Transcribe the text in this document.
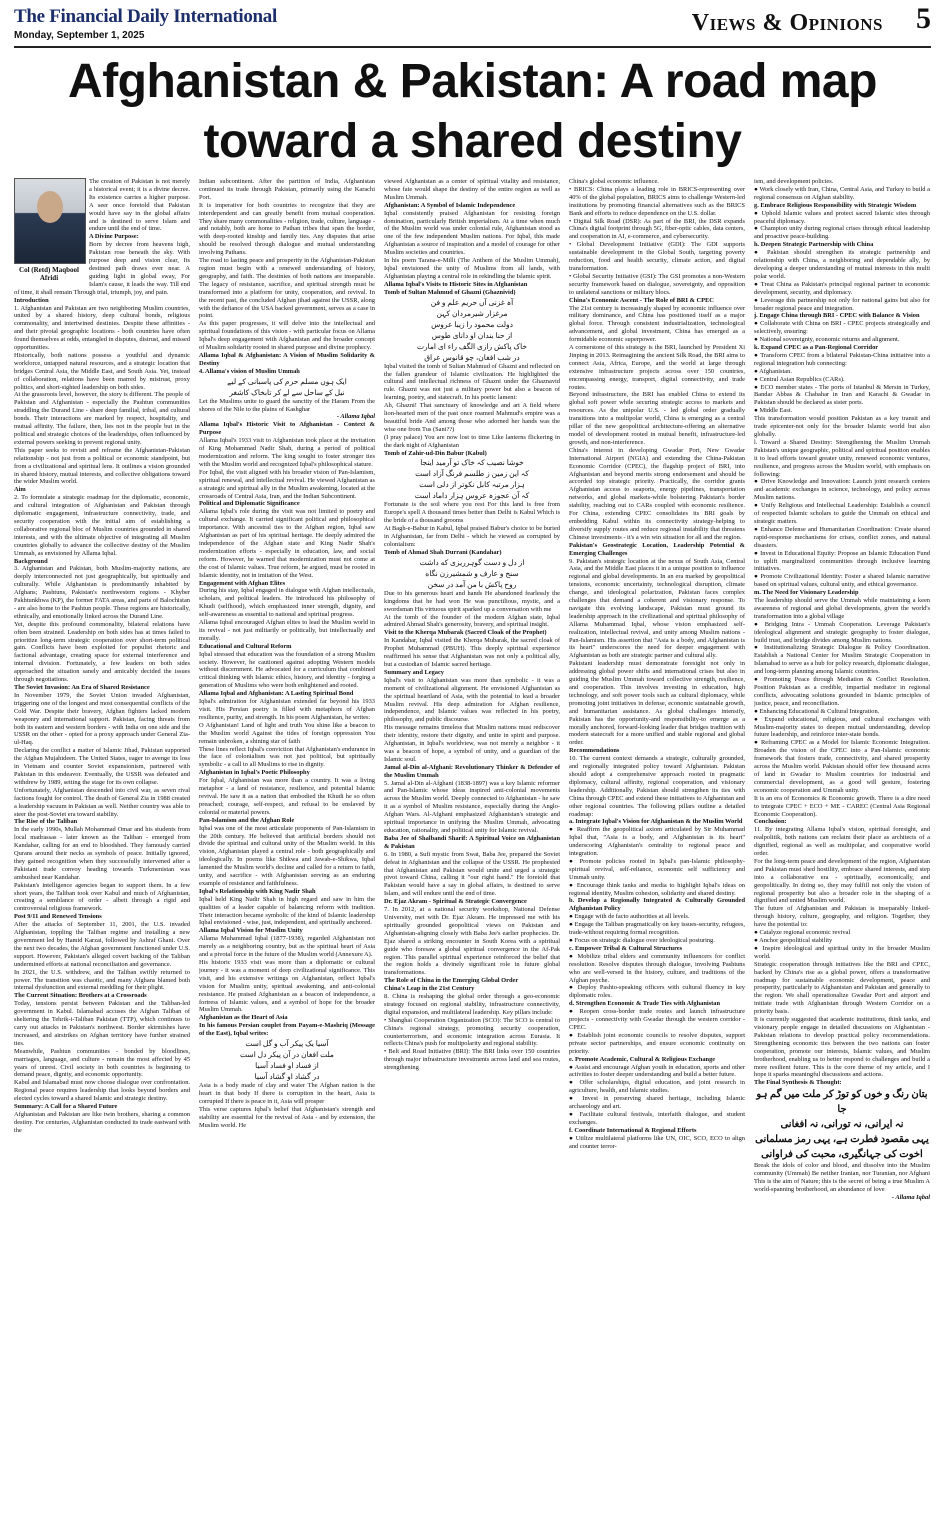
The Financial Daily International
Monday, September 1, 2025	Views & Opinions 5
Afghanistan & Pakistan: A road map toward a shared destiny
Col (Retd) Maqbool Afridi

The creation of Pakistan is not merely a historical event; it is a divine decree. Its existence carries a higher purpose. A seer once foretold that Pakistan would have say in the global affairs and is destined to serve Islam and endure until the end of time.

A Divine Purpose:

Born by decree from heavens high, Pakistan rose beneath the sky. With purpose deep and vision clear, Its destined path draws ever near. A guiding light in global sway, For Islam's cause, it leads the way. Till end of time, it shall remain Through trial, triumph, joy, and pain.

Introduction

1. Afghanistan and Pakistan are two neighboring Muslim countries, united by a shared history, deep cultural bonds, religious commonality, and intertwined destinies. Despite these affinities - and their pivotal geographic locations - both countries have often found themselves at odds, entangled in disputes, distrust, and missed opportunities.

Historically, both nations possess a youthful and dynamic workforce, untapped natural resources, and a strategic location that bridges Central Asia, the Middle East, and South Asia. Yet, instead of collaboration, relations have been marred by mistrust, proxy politics, and short-sighted leadership on both sides.

At the grassroots level, however, the story is different. The people of Pakistan and Afghanistan - especially the Pashtun communities straddling the Durand Line - share deep familial, tribal, and cultural bonds. Their interactions are marked by respect, hospitality, and mutual affinity. The failure, then, lies not in the people but in the political and strategic choices of the leaderships, often influenced by external powers seeking to prevent regional unity.

This paper seeks to revisit and reframe the Afghanistan-Pakistan relationship - not just from a political or economic standpoint, but from a civilizational and spiritual lens. It outlines a vision grounded in shared history, mutual interests, and collective obligations toward the wider Muslim world.

Aim

2. To formulate a strategic roadmap for the diplomatic, economic, and cultural integration of Afghanistan and Pakistan through diplomatic engagement, infrastructure connectivity, trade, and security cooperation with the initial aim of establishing a collaborative regional bloc of Muslim countries grounded in shared interests, and with the ultimate objective of integrating all Muslim countries globally to advance the collective destiny of the Muslim Ummah, as envisioned by Allama Iqbal.

Background

3. Afghanistan and Pakistan, both Muslim-majority nations, are deeply interconnected not just geographically, but spiritually and culturally. While Afghanistan is predominantly inhabited by Afghans; Pashtuns, Pakistan's northwestern regions - Khyber Pakhtunkhwa (KP), the former FATA areas, and parts of Balochistan - are also home to the Pashtun people. These regions are historically, ethnically, and emotionally linked across the Durand Line.

Yet, despite this profound commonality, bilateral relations have often been strained. Leadership on both sides has at times failed to prioritize long-term strategic cooperation over short-term political gain. Conflicts have been exploited for populist rhetoric and factional advantage, creating space for external interference and internal division. Fortunately, a few leaders on both sides approached the situation sanely and amicably decided the issues through negotiations.

The Soviet Invasion: An Era of Shared Resistance

In November 1979, the Soviet Union invaded Afghanistan, triggering one of the longest and most consequential conflicts of the Cold War. Despite their bravery, Afghan fighters lacked modern weaponry and international support. Pakistan, facing threats from both its eastern and western borders - with India on one side and the USSR on the other - opted for a proxy approach under General Zia-ul-Haq.

Declaring the conflict a matter of Islamic Jihad, Pakistan supported the Afghan Mujahideen. The United States, eager to avenge its loss in Vietnam and counter Soviet expansionism, partnered with Pakistan in this endeavor. Eventually, the USSR was defeated and withdrew by 1989, setting the stage for its own collapse.

Unfortunately, Afghanistan descended into civil war, as seven rival factions fought for control. The death of General Zia in 1988 created a leadership vacuum in Pakistan as well. Neither country was able to steer the post-Soviet era toward stability.

The Rise of the Taliban

In the early 1990s, Mullah Mohammad Omar and his students from local madrassas - later known as the Taliban - emerged from Kandahar, calling for an end to bloodshed. They famously carried Qurans around their necks as symbols of peace. Initially ignored, they gained recognition when they successfully intervened after a Pakistani trade convoy heading towards Turkmenistan was ambushed near Kandahar.

Pakistan's intelligence agencies began to support them. In a few short years, the Taliban took over Kabul and much of Afghanistan, creating a semblance of order - albeit through a rigid and controversial religious framework.

Post 9/11 and Renewed Tensions

After the attacks of September 11, 2001, the U.S. invaded Afghanistan, toppling the Taliban regime and installing a new government led by Hamid Karzai, followed by Ashraf Ghani. Over the next two decades, the Afghan government functioned under U.S. support. However, Pakistan's alleged covert backing of the Taliban undermined efforts at national reconciliation and governance.

In 2021, the U.S. withdrew, and the Taliban swiftly returned to power. The transition was chaotic, and many Afghans blamed both internal dysfunction and external meddling for their plight.

The Current Situation: Brothers at a Crossroads

Today, tensions persist between Pakistan and the Taliban-led government in Kabul. Islamabad accuses the Afghan Taliban of sheltering the Tehrik-i-Taliban Pakistan (TTP), which continues to carry out attacks in Pakistan's northwest. Border skirmishes have increased, and airstrikes on Afghan territory have further strained ties.

Meanwhile, Pashtun communities - bonded by bloodlines, marriages, language, and culture - remain the most affected by 45 years of unrest. Civil society in both countries is beginning to demand peace, dignity, and economic opportunity.

Kabul and Islamabad must now choose dialogue over confrontation. Regional peace requires leadership that looks beyond borders and elected cycles toward a shared Islamic and strategic destiny.

Summary: A Call for a Shared Future

Afghanistan and Pakistan are like twin brothers, sharing a common destiny. For centuries, Afghanistan conducted its trade eastward with the

Indian subcontinent. After the partition of India, Afghanistan continued its trade through Pakistan, primarily using the Karachi Port.

It is imperative for both countries to recognize that they are interdependent and can greatly benefit from mutual cooperation. They share many commonalities - religion, trade, culture, language - and notably, both are home to Pathan tribes that span the border, with deep-rooted kinship and family ties. Any disputes that arise should be resolved through dialogue and mutual understanding involving Pathans.

The road to lasting peace and prosperity in the Afghanistan-Pakistan region must begin with a renewed understanding of history, geography, and faith. The destinies of both nations are inseparable. The legacy of resistance, sacrifice, and spiritual strength must be transformed into a platform for unity, cooperation, and revival. In the recent past, the concluded Afghan jihad against the USSR, along with the defiance of the USA backed government, serves as a case in point.

As this paper progresses, it will delve into the intellectual and spiritual foundations of this vision - with particular focus on Allama Iqbal's deep engagement with Afghanistan and the broader concept of Muslim solidarity rooted in shared purpose and divine prophecy.

Allama Iqbal & Afghanistan: A Vision of Muslim Solidarity & Destiny

4. Allama's vision of Muslim Ummah

ایک ہوں مسلم حرم کی پاسبانی کے لیے

نیل کے ساحل سے لے کر تابخاک کاشغر

Let the Muslims unite to guard the sanctity of the Haram From the shores of the Nile to the plains of Kashghar

- Allama Iqbal

Allama Iqbal's Historic Visit to Afghanistan - Context & Purpose

Allama Iqbal's 1933 visit to Afghanistan took place at the invitation of King Mohammad Nadir Shah, during a period of political modernization and reform. The king sought to foster stronger ties with the Muslim world and recognized Iqbal's philosophical stature.

For Iqbal, the visit aligned with his broader vision of Pan-Islamism, spiritual renewal, and intellectual revival. He viewed Afghanistan as a strategic and spiritual ally in the Muslim awakening, located at the crossroads of Central Asia, Iran, and the Indian Subcontinent.

Political and Diplomatic Significance

Allama Iqbal's role during the visit was not limited to poetry and cultural exchange. It carried significant political and philosophical importance. With ancestral ties to the Afghan region, Iqbal saw Afghanistan as part of his spiritual heritage. He deeply admired the independence of the Afghan state and King Nadir Shah's modernization efforts - especially in education, law, and social reform. However, he warned that modernization must not come at the cost of Islamic values. True reform, he argued, must be rooted in Islamic identity, not in imitation of the West.

Engagement with Afghan Elites

During his stay, Iqbal engaged in dialogue with Afghan intellectuals, scholars, and political leaders. He introduced his philosophy of Khudi (selfhood), which emphasized inner strength, dignity, and self-awareness as essential to national and spiritual progress.

Allama Iqbal encouraged Afghan elites to lead the Muslim world in its revival - not just militarily or politically, but intellectually and morally.

Educational and Cultural Reform

Iqbal stressed that education was the foundation of a strong Muslim society. However, he cautioned against adopting Western models without discernment. He advocated for a curriculum that combined critical thinking with Islamic ethics, history, and identity - forging a generation of Muslims who were both enlightened and rooted.

Allama Iqbal and Afghanistan: A Lasting Spiritual Bond

Iqbal's admiration for Afghanistan extended far beyond his 1933 visit. His Persian poetry is filled with metaphors of Afghan resilience, purity, and strength. In his poem Afghanistan, he writes:

O Afghanistan! Land of light and truth You shine like a beacon to the Muslim world Against the tides of foreign oppression You remain unbroken, a shining star of faith

These lines reflect Iqbal's conviction that Afghanistan's endurance in the face of colonialism was not just political, but spiritually symbolic - a call to all Muslims to rise in dignity.

Afghanistan in Iqbal's Poetic Philosophy

For Iqbal, Afghanistan was more than a country. It was a living metaphor - a land of resistance, resilience, and potential Islamic revival. He saw it as a nation that embodied the Khudi he so often preached; courage, self-respect, and refusal to be enslaved by colonial or material powers.

Pan-Islamism and the Afghan Role

Iqbal was one of the most articulate proponents of Pan-Islamism in the 20th century. He believed that artificial borders should not divide the spiritual and cultural unity of the Muslim world. In this vision, Afghanistan played a central role - both geographically and ideologically. In poems like Shikwa and Jawab-e-Shikwa, Iqbal lamented the Muslim world's decline and called for a return to faith, unity, and sacrifice - with Afghanistan serving as an enduring example of resistance and faithfulness.

Iqbal's Relationship with King Nadir Shah

Iqbal held King Nadir Shah in high regard and saw in him the qualities of a leader capable of balancing reform with tradition. Their interaction became symbolic of the kind of Islamic leadership Iqbal envisioned - wise, just, independent, and spiritually anchored.

Allama Iqbal Vision for Muslim Unity

Allama Muhammad Iqbal (1877-1938), regarded Afghanistan not merely as a neighboring country, but as the spiritual heart of Asia and a pivotal force in the future of the Muslim world (Annexure A).

His historic 1933 visit was more than a diplomatic or cultural journey - it was a moment of deep civilizational significance. This visit, and his extensive writings on Afghanistan, reflect Iqbal's vision for Muslim unity, spiritual awakening, and anti-colonial resistance. He praised Afghanistan as a beacon of independence, a fortress of Islamic values, and a symbol of hope for the broader Muslim Ummah.

Afghanistan as the Heart of Asia

In his famous Persian couplet from Payam-e-Mashriq (Message of the East), Iqbal writes:

آسیا یک پیکر آب و گل است

ملت افغان در آن پیکر دل است

از فساد او فساد آسیا

در گشاد او گشاد آسیا

Asia is a body made of clay and water The Afghan nation is the heart in that body If there is corruption in the heart, Asia is corrupted If there is peace in it, Asia will prosper

This verse captures Iqbal's belief that Afghanistan's strength and stability are essential for the revival of Asia - and by extension, the Muslim world. He

viewed Afghanistan as a center of spiritual vitality and resistance, whose fate would shape the destiny of the entire region as well as Muslim Ummah.

Afghanistan: A Symbol of Islamic Independence

Iqbal consistently praised Afghanistan for resisting foreign domination, particularly British imperialism. At a time when much of the Muslim world was under colonial rule, Afghanistan stood as one of the few independent Muslim nations. For Iqbal, this made Afghanistan a source of inspiration and a model of courage for other Muslim societies and countries.

In his poem Tarana-e-Milli (The Anthem of the Muslim Ummah), Iqbal envisioned the unity of Muslims from all lands, with Afghanistan playing a central role in rekindling the Islamic spirit.

Allama Iqbal's Visits to Historic Sites in Afghanistan

Tomb of Sultan Mahmud of Ghazni (Ghaznivid)

آہ غزنی آں حریم علم و فن

مرغزار شیرمردان کہن

دولت محمود را زیبا عروس

از حنا بندان او دانای طوس

خاک پاکش رازی الگف راء ای امارت

در شب افغان، چو قانوس عراق

Iqbal visited the tomb of Sultan Mahmud of Ghazni and reflected on the fallen grandeur of Islamic civilization. He highlighted the cultural and intellectual richness of Ghazni under the Ghaznavid rule. Ghazni was not just a military power but also a beacon of learning, poetry, and statecraft. In his poetic lament:

Ah, Ghazni! That sanctuary of knowledge and art A field where lion-hearted men of the past once roamed Mahmud's empire was a beautiful bride And among those who adorned her hands was the wise one from Tus (Sani??)

(I pray palace) You are now lost to time Like lanterns flickering in the dark night of Afghanistan

Tomb of Zahir-ud-Din Babur (Kabul)

خوشا نصیب کہ خاک تو آرمید اینجا

کہ این زمین ز طلسم فرنگ آزاد است

ہزار مرتبہ کابل نکوتر از دلی است

کہ آن عجوزہ عروس ہزار داماد است

Fortunate is the soil where you rest For this land is free from Europe's spell A thousand times better than Delhi is Kabul Which is the bride of a thousand grooms

At Bagh-e-Babur in Kabul, Iqbal praised Babur's choice to be buried in Afghanistan, far from Delhi - which he viewed as corrupted by colonialism:

Tomb of Ahmad Shah Durrani (Kandahar)

از دل و دست گوہرریزی که داشت

سنج و عارف و شمشیرزن نگاه

روح پاکش با من آمد در سخن

Due to his generous heart and hands He abandoned fearlessly the kingdoms that he had won He was punctilious, mystic, and a swordsman His virtuous spirit sparked up a conversation with me

At the tomb of the founder of the modern Afghan state, Iqbal admired Ahmad Shah's generosity, bravery, and spiritual insight.

Visit to the Kherqa Mubarak (Sacred Cloak of the Prophet)

In Kandahar, Iqbal visited the Kherqa Mubarak, the sacred cloak of Prophet Muhammad (PBUH). This deeply spiritual experience reaffirmed his sense that Afghanistan was not only a political ally, but a custodian of Islamic sacred heritage.

Summary and Legacy

Iqbal's visit to Afghanistan was more than symbolic - it was a moment of civilizational alignment. He envisioned Afghanistan as the spiritual heartland of Asia, with the potential to lead a broader Muslim revival. His deep admiration for Afghan resilience, independence, and Islamic values was reflected in his poetry, philosophy, and public discourse.

His message remains timeless that Muslim nations must rediscover their identity, restore their dignity, and unite in spirit and purpose. Afghanistan, in Iqbal's worldview, was not merely a neighbor - it was a beacon of hope, a symbol of unity, and a guardian of the Islamic soul.

Jamal al-Din al-Afghani: Revolutionary Thinker & Defender of the Muslim Ummah

5. Jamal al-Din al-Afghani (1838-1897) was a key Islamic reformer and Pan-Islamic whose ideas inspired anti-colonial movements across the Muslim world. Deeply connected to Afghanistan - he saw it as a symbol of Muslim resistance, especially during the Anglo-Afghan Wars. Al-Afghani emphasized Afghanistan's strategic and spiritual importance in unifying the Muslim Ummah, advocating education, rationality, and political unity for Islamic revival.

Baba Jee of Shalbandi Sharif: A Spiritual Voice on Afghanistan & Pakistan

6. In 1980, a Sufi mystic from Swat, Baba Jee, prepared the Soviet defeat in Afghanistan and the collapse of the USSR. He prophesied that Afghanistan and Pakistan would unite and urged a strategic pivot toward China, calling it "our right hand." He foretold that Pakistan would have a say in global affairs, is destined to serve Islam, and will endure until the end of time.

Dr. Ejaz Akram - Spiritual & Strategic Convergence

7. In 2012, at a national security workshop, National Defense University, met with Dr. Ejaz Akram. He impressed me with his spiritually grounded geopolitical views on Pakistan and Afghanistan-aligning closely with Baba Jee's earlier prophecies. Dr. Ejaz shared a striking encounter in South Korea with a spiritual guide who foresaw a global spiritual convergence in the Af-Pak region. This parallel spiritual experience reinforced the belief that the region holds a divinely significant role in future global transformations.

The Role of China in the Emerging Global Order

China's Leap in the 21st Century

8. China is reshaping the global order through a geo-economic strategy focused on regional stability, infrastructure connectivity, digital expansion, and multilateral leadership. Key pillars include:

• Shanghai Cooperation Organization (SCO): The SCO is central to China's regional strategy, promoting security cooperation, counterterrorism, and economic integration across Eurasia. It reflects China's push for multipolarity and regional stability.

• Belt and Road Initiative (BRI): The BRI links over 150 countries through major infrastructure investments across land and sea routes, strengthening

China's global economic influence.

• BRICS: China plays a leading role in BRICS-representing over 40% of the global population, BRICS aims to challenge Western-led institutions by promoting financial alternatives such as the BRICS Bank and efforts to reduce dependence on the U.S. dollar.

• Digital Silk Road (DSR): As part of the BRI, the DSR expands China's digital footprint through 5G, fiber-optic cables, data centers, and cooperation in AI, e-commerce, and cybersecurity.

• Global Development Initiative (GDI): The GDI supports sustainable development in the Global South, targeting poverty reduction, food and health security, climate action, and digital transformation.

• Global Security Initiative (GSI): The GSI promotes a non-Western security framework based on dialogue, sovereignty, and opposition to unilateral sanctions or military blocs.

China's Economic Ascent - The Role of BRI & CPEC

The 21st century is increasingly shaped by economic influence over military dominance, and China has positioned itself as a major global force. Through consistent industrialization, technological advancement, and global investment, China has emerged as a formidable economic superpower.

A cornerstone of this strategy is the BRI, launched by President Xi Jinping in 2013. Reimagining the ancient Silk Road, the BRI aims to connect Asia, Africa, Europe, and the world at large through extensive infrastructure projects across over 150 countries, encompassing energy, transport, digital connectivity, and trade routes.

Beyond infrastructure, the BRI has enabled China to extend its global soft power while securing strategic access to markets and resources. As the unipolar U.S. - led global order gradually transitions into a multipolar world, China is emerging as a central pillar of the new geopolitical architecture-offering an alternative model of development rooted in mutual benefit, infrastructure-led growth, and non-interference.

China's interest in developing Gwadar Port, New Gwadar International Airport (NGIA) and extending the China-Pakistan Economic Corridor (CPEC), the flagship project of BRI, into Afghanistan and beyond merits strong endorsement and should be accorded top strategic priority. Practically, the corridor grants Afghanistan access to seaports, energy pipelines, transportation networks, and global markets-while bolstering Pakistan's border stability, reaching out to CARs coupled with economic resilience. For China, extending CPEC consolidates its BRI goals by embedding Kabul within its connectivity strategy-helping to diversify supply routes and reduce regional instability that threatens Chinese investments - it's a win win situation for all and the region.

Pakistan's Geostrategic Location, Leadership Potential & Emerging Challenges

9. Pakistan's strategic location at the nexus of South Asia, Central Asia, and the Middle East places it in a unique position to influence regional and global developments. In an era marked by geopolitical tensions, economic uncertainty, technological disruption, climate change, and ideological polarization, Pakistan faces complex challenges that demand a coherent and visionary response. To navigate this evolving landscape, Pakistan must ground its leadership approach in the civilizational and spiritual philosophy of Allama Muhammad Iqbal, whose vision emphasized self-realization, intellectual revival, and unity among Muslim nations - Pan-Islamism. His assertion that "Asia is a body, and Afghanistan is its heart" underscores the need for deeper engagement with Afghanistan as both are strategic partner and cultural ally.

Pakistani leadership must demonstrate foresight not only in addressing global power shifts and international crises but also in guiding the Muslim Ummah toward collective strength, resilience, and cooperation. This involves investing in education, high technology, and soft power tools such as cultural diplomacy, while promoting joint initiatives in defense, economic sustainable growth, and humanitarian assistance. As global challenges intensify, Pakistan has the opportunity-and responsibility-to emerge as a morally anchored, forward-looking leader that bridges tradition with modern statecraft for a more unified and stable regional and global order.

Recommendations

10. The current context demands a strategic, culturally grounded, and regionally integrated policy toward Afghanistan. Pakistan should adopt a comprehensive approach rooted in pragmatic diplomacy, cultural affinity, regional cooperation, and visionary leadership. Additionally, Pakistan should strengthen its ties with China through CPEC and extend these initiatives to Afghanistan and other regional countries. The following pillars outline a detailed roadmap:

a. Integrate Iqbal's Vision for Afghanistan & the Muslim World

● Reaffirm the geopolitical axiom articulated by Sir Muhammad Iqbal that, "Asia is a body, and Afghanistan is its heart" underscoring Afghanistan's centrality to regional peace and integration.

● Promote policies rooted in Iqbal's pan-Islamic philosophy-spiritual revival, self-reliance, economic self sufficiency and Ummah unity.

● Encourage think tanks and media to highlight Iqbal's ideas on regional identity, Muslim cohesion, solidarity and shared destiny.

b. Develop a Regionally Integrated & Culturally Grounded Afghanistan Policy

● Engage with de facto authorities at all levels.

● Engage the Taliban pragmatically on key issues-security, refugees, trade-without requiring formal recognition.

● Focus on strategic dialogue over ideological posturing.

c. Empower Tribal & Cultural Structures

● Mobilize tribal elders and community influencers for conflict resolution. Resolve disputes through dialogue, involving Pashtuns who are well-versed in the history, culture, and traditions of the Afghan psyche.

● Deploy Pashto-speaking officers with cultural fluency in key diplomatic roles.

d. Strengthen Economic & Trade Ties with Afghanistan

● Reopen cross-border trade routes and launch infrastructure projects - connectivity with Gwadar through the western corridor - CPEC.

● Establish joint economic councils to resolve disputes, support private sector partnerships, and ensure economic continuity on priority.

e. Promote Academic, Cultural & Religious Exchange

● Assist and encourage Afghan youth in education, sports and other activities to foster deeper understanding and build a better future.

● Offer scholarships, digital education, and joint research in agriculture, health, and Islamic studies.

● Invest in preserving shared heritage, including Islamic archaeology and art.

● Facilitate cultural festivals, interfaith dialogue, and student exchanges.

f. Coordinate International & Regional Efforts

● Utilize multilateral platforms like UN, OIC, SCO, ECO to align and counter terror-

ism, and development policies.

● Work closely with Iran, China, Central Asia, and Turkey to build a regional consensus on Afghan stability.

g. Embrace Religious Responsibility with Strategic Wisdom

● Uphold Islamic values and protect sacred Islamic sites through peaceful diplomacy.

● Champion unity during regional crises through ethical leadership and proactive peace-building.

h. Deepen Strategic Partnership with China

● Pakistan should strengthen its strategic partnership and relationship with China, a neighboring and dependable ally, by developing a deeper understanding of mutual interests in this multi polar world.

● Treat China as Pakistan's principal regional partner in economic development, security, and diplomacy.

● Leverage this partnership not only for national gains but also for broader regional peace and integration.

j. Engage China through BRI - CPEC with Balance & Vision

● Collaborate with China on BRI - CPEC projects strategically and selectively, ensuring:

● National sovereignty, economic returns and alignment.

k. Expand CPEC as a Pan-Regional Corridor

● Transform CPEC from a bilateral Pakistan-China initiative into a regional integration hub connecting:

● Afghanistan.

● Central Asian Republics (CARs).

● ECO member states - The ports of Istanbul & Mersin in Turkey, Bandar Abbas & Chabahar in Iran and Karachi & Gwadar in Pakistan should be declared as sister ports.

● Middle East.

This transformation would position Pakistan as a key transit and trade epicenter-not only for the broader Islamic world but also globally.

l. Toward a Shared Destiny: Strengthening the Muslim Ummah Pakistan's unique geographic, political and spiritual position enables it to lead efforts toward greater unity, renewed economic ventures, resilience, and progress across the Muslim world, with emphasis on following:

● Drive Knowledge and Innovation: Launch joint research centers and academic exchanges in science, technology, and policy across Muslim nations.

● Unify Religious and Intellectual Leadership: Establish a council of respected Islamic scholars to guide the Ummah on ethical and strategic matters.

● Enhance Defense and Humanitarian Coordination: Create shared rapid-response mechanisms for crises, conflict zones, and natural disasters.

● Invest in Educational Equity: Propose an Islamic Education Fund to uplift marginalized communities through inclusive learning initiatives.

● Promote Civilizational Identity: Foster a shared Islamic narrative based on spiritual values, cultural unity, and ethical governance.

m. The Need for Visionary Leadership

The leadership should serve the Ummah while maintaining a keen awareness of regional and global developments, given the world's transformation into a global village

● Bridging Intra - Ummah Cooperation. Leverage Pakistan's ideological alignment and strategic geography to foster dialogue, build trust, and bridge divides among Muslim nations.

● Institutionalizing Strategic Dialogue & Policy Coordination. Establish a National Center for Muslim Strategic Cooperation in Islamabad to serve as a hub for policy research, diplomatic dialogue, and long-term planning among Islamic countries.

● Promoting Peace through Mediation & Conflict Resolution. Position Pakistan as a credible, impartial mediator in regional conflicts, advocating solutions grounded in Islamic principles of justice, peace, and reconciliation.

● Enhancing Educational & Cultural Integration.

● Expand educational, religious, and cultural exchanges with Muslim-majority states to deepen mutual understanding, develop future leadership, and reinforce inter-state bonds.

● Reframing CPEC as a Model for Islamic Economic Integration. Broaden the vision of the CPEC into a Pan-Islamic economic framework that fosters trade, connectivity, and shared prosperity across the Muslim world. Pakistan should offer few thousand acres of land in Gwadar to Muslim countries for industrial and commercial development, as a good will gesture, fostering economic cooperation and Ummah unity.

It is an era of Economics & Economic growth. There is a dire need to integrate CPEC + ECO + ME - CAREC (Central Asia Regional Economic Cooperation).

Conclusion:

11. By integrating Allama Iqbal's vision, spiritual foresight, and realpolitik, both nations can reclaim their place as architects of a dignified, regional as well as multipolar, and cooperative world order.

For the long-term peace and development of the region, Afghanistan and Pakistan must shed hostility, embrace shared interests, and step into a collaborative era - spiritually, economically, and geopolitically. In doing so, they may fulfill not only the vision of regional prosperity but also a broader role in the shaping of a dignified and united Muslim world.

The future of Afghanistan and Pakistan is inseparably linked-through history, culture, geography, and religion. Together, they have the potential to:

● Catalyze regional economic revival

● Anchor geopolitical stability

● Inspire ideological and spiritual unity in the broader Muslim world.

Strategic cooperation through initiatives like the BRI and CPEC, backed by China's rise as a global power, offers a transformative roadmap for sustainable economic development, peace and prosperity, particularly to Afghanistan and Pakistan and generally to the region. We shall operationalize Gwadar Port and airport and initiate trade with Afghanistan through Western Corridor on a priority basis.

It is currently suggested that academic institutions, think tanks, and visionary people engage in detailed discussions on Afghanistan - Pakistan relations to develop practical policy recommendations. Strengthening economic ties between the two nations can foster cooperation, promote our interests, Islamic values, and Muslim brotherhood, enabling us to better respond to challenges and build a more resilient future. This is the core theme of my article, and I hope it sparks meaningful discussions and actions.

The Final Synthesis & Thought:

بتان رنگ و خوں کو توڑ کر ملت میں گم ہو جا

نہ ایرانی، نہ تورانی، نہ افغانی

یہی مقصود فطرت ہے، یہی رمز مسلمانی

اخوت کی جہانگیری، محبت کی فراوانی

Break the idols of color and blood, and dissolve into the Muslim community (Ummah) Be neither Iranian, nor Turanian, nor Afghani This is the aim of Nature; this is the secret of being a true Muslim A world-spanning brotherhood, an abundance of love

- Allama Iqbal
